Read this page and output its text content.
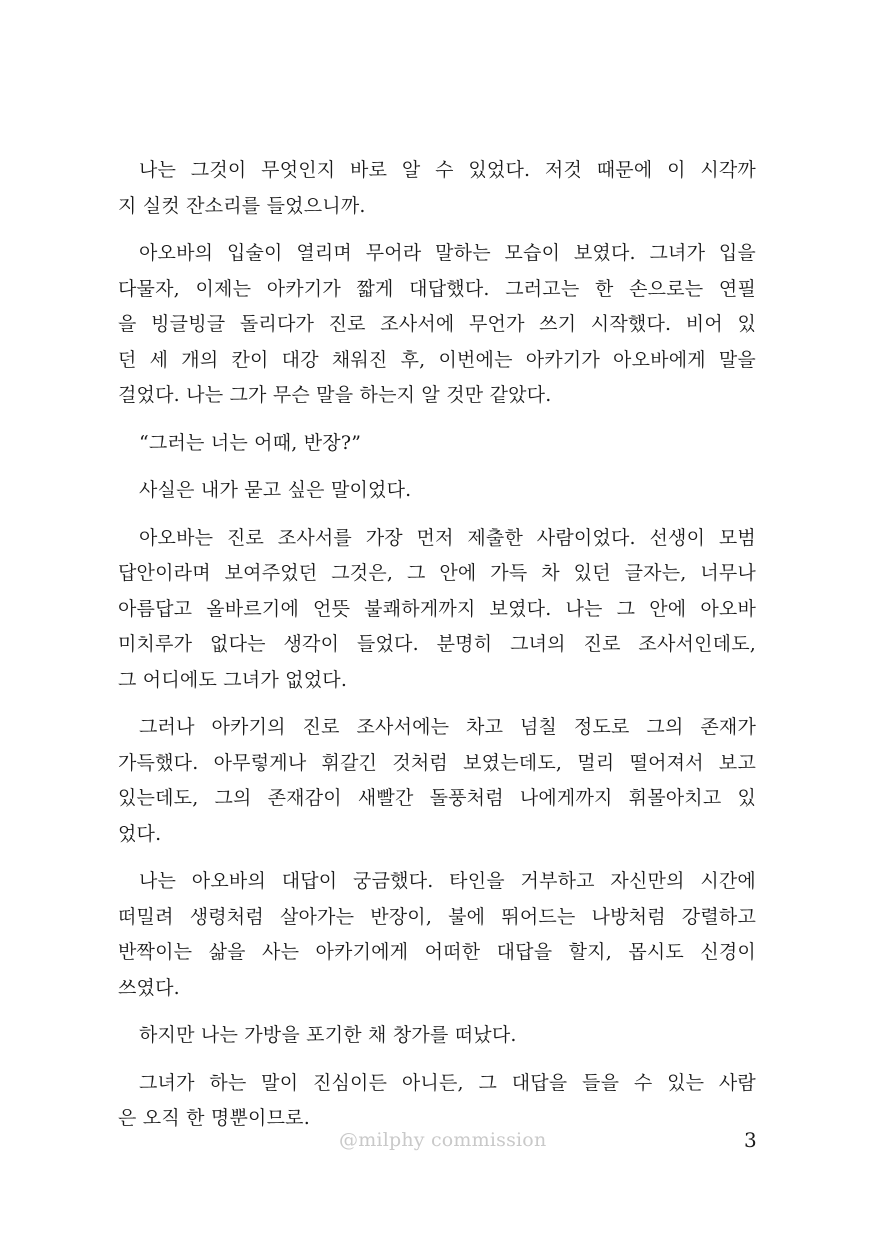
나는 그것이 무엇인지 바로 알 수 있었다. 저것 때문에 이 시각까
지 실컷 잔소리를 들었으니까.

아오바의 입술이 열리며 무어라 말하는 모습이 보였다. 그녀가 입을
다물자, 이제는 아카기가 짧게 대답했다. 그러고는 한 손으로는 연필
을 빙글빙글 돌리다가 진로 조사서에 무언가 쓰기 시작했다. 비어 있
던 세 개의 칸이 대강 채워진 후, 이번에는 아카기가 아오바에게 말을
걸었다. 나는 그가 무슨 말을 하는지 알 것만 같았다.

“그러는 너는 어때, 반장?”

사실은 내가 묻고 싶은 말이었다.

아오바는 진로 조사서를 가장 먼저 제출한 사람이었다. 선생이 모범
답안이라며 보여주었던 그것은, 그 안에 가득 차 있던 글자는, 너무나
아름답고 올바르기에 언뜻 불쾌하게까지 보였다. 나는 그 안에 아오바
미치루가 없다는 생각이 들었다. 분명히 그녀의 진로 조사서인데도,
그 어디에도 그녀가 없었다.

그러나 아카기의 진로 조사서에는 차고 넘칠 정도로 그의 존재가
가득했다. 아무렇게나 휘갈긴 것처럼 보였는데도, 멀리 떨어져서 보고
있는데도, 그의 존재감이 새빨간 돌풍처럼 나에게까지 휘몰아치고 있
었다.

나는 아오바의 대답이 궁금했다. 타인을 거부하고 자신만의 시간에
떠밀려 생령처럼 살아가는 반장이, 불에 뛰어드는 나방처럼 강렬하고
반짝이는 삶을 사는 아카기에게 어떠한 대답을 할지, 몹시도 신경이
쓰였다.

하지만 나는 가방을 포기한 채 창가를 떠났다.

그녀가 하는 말이 진심이든 아니든, 그 대답을 들을 수 있는 사람
은 오직 한 명뿐이므로.

@milphy commission	3
